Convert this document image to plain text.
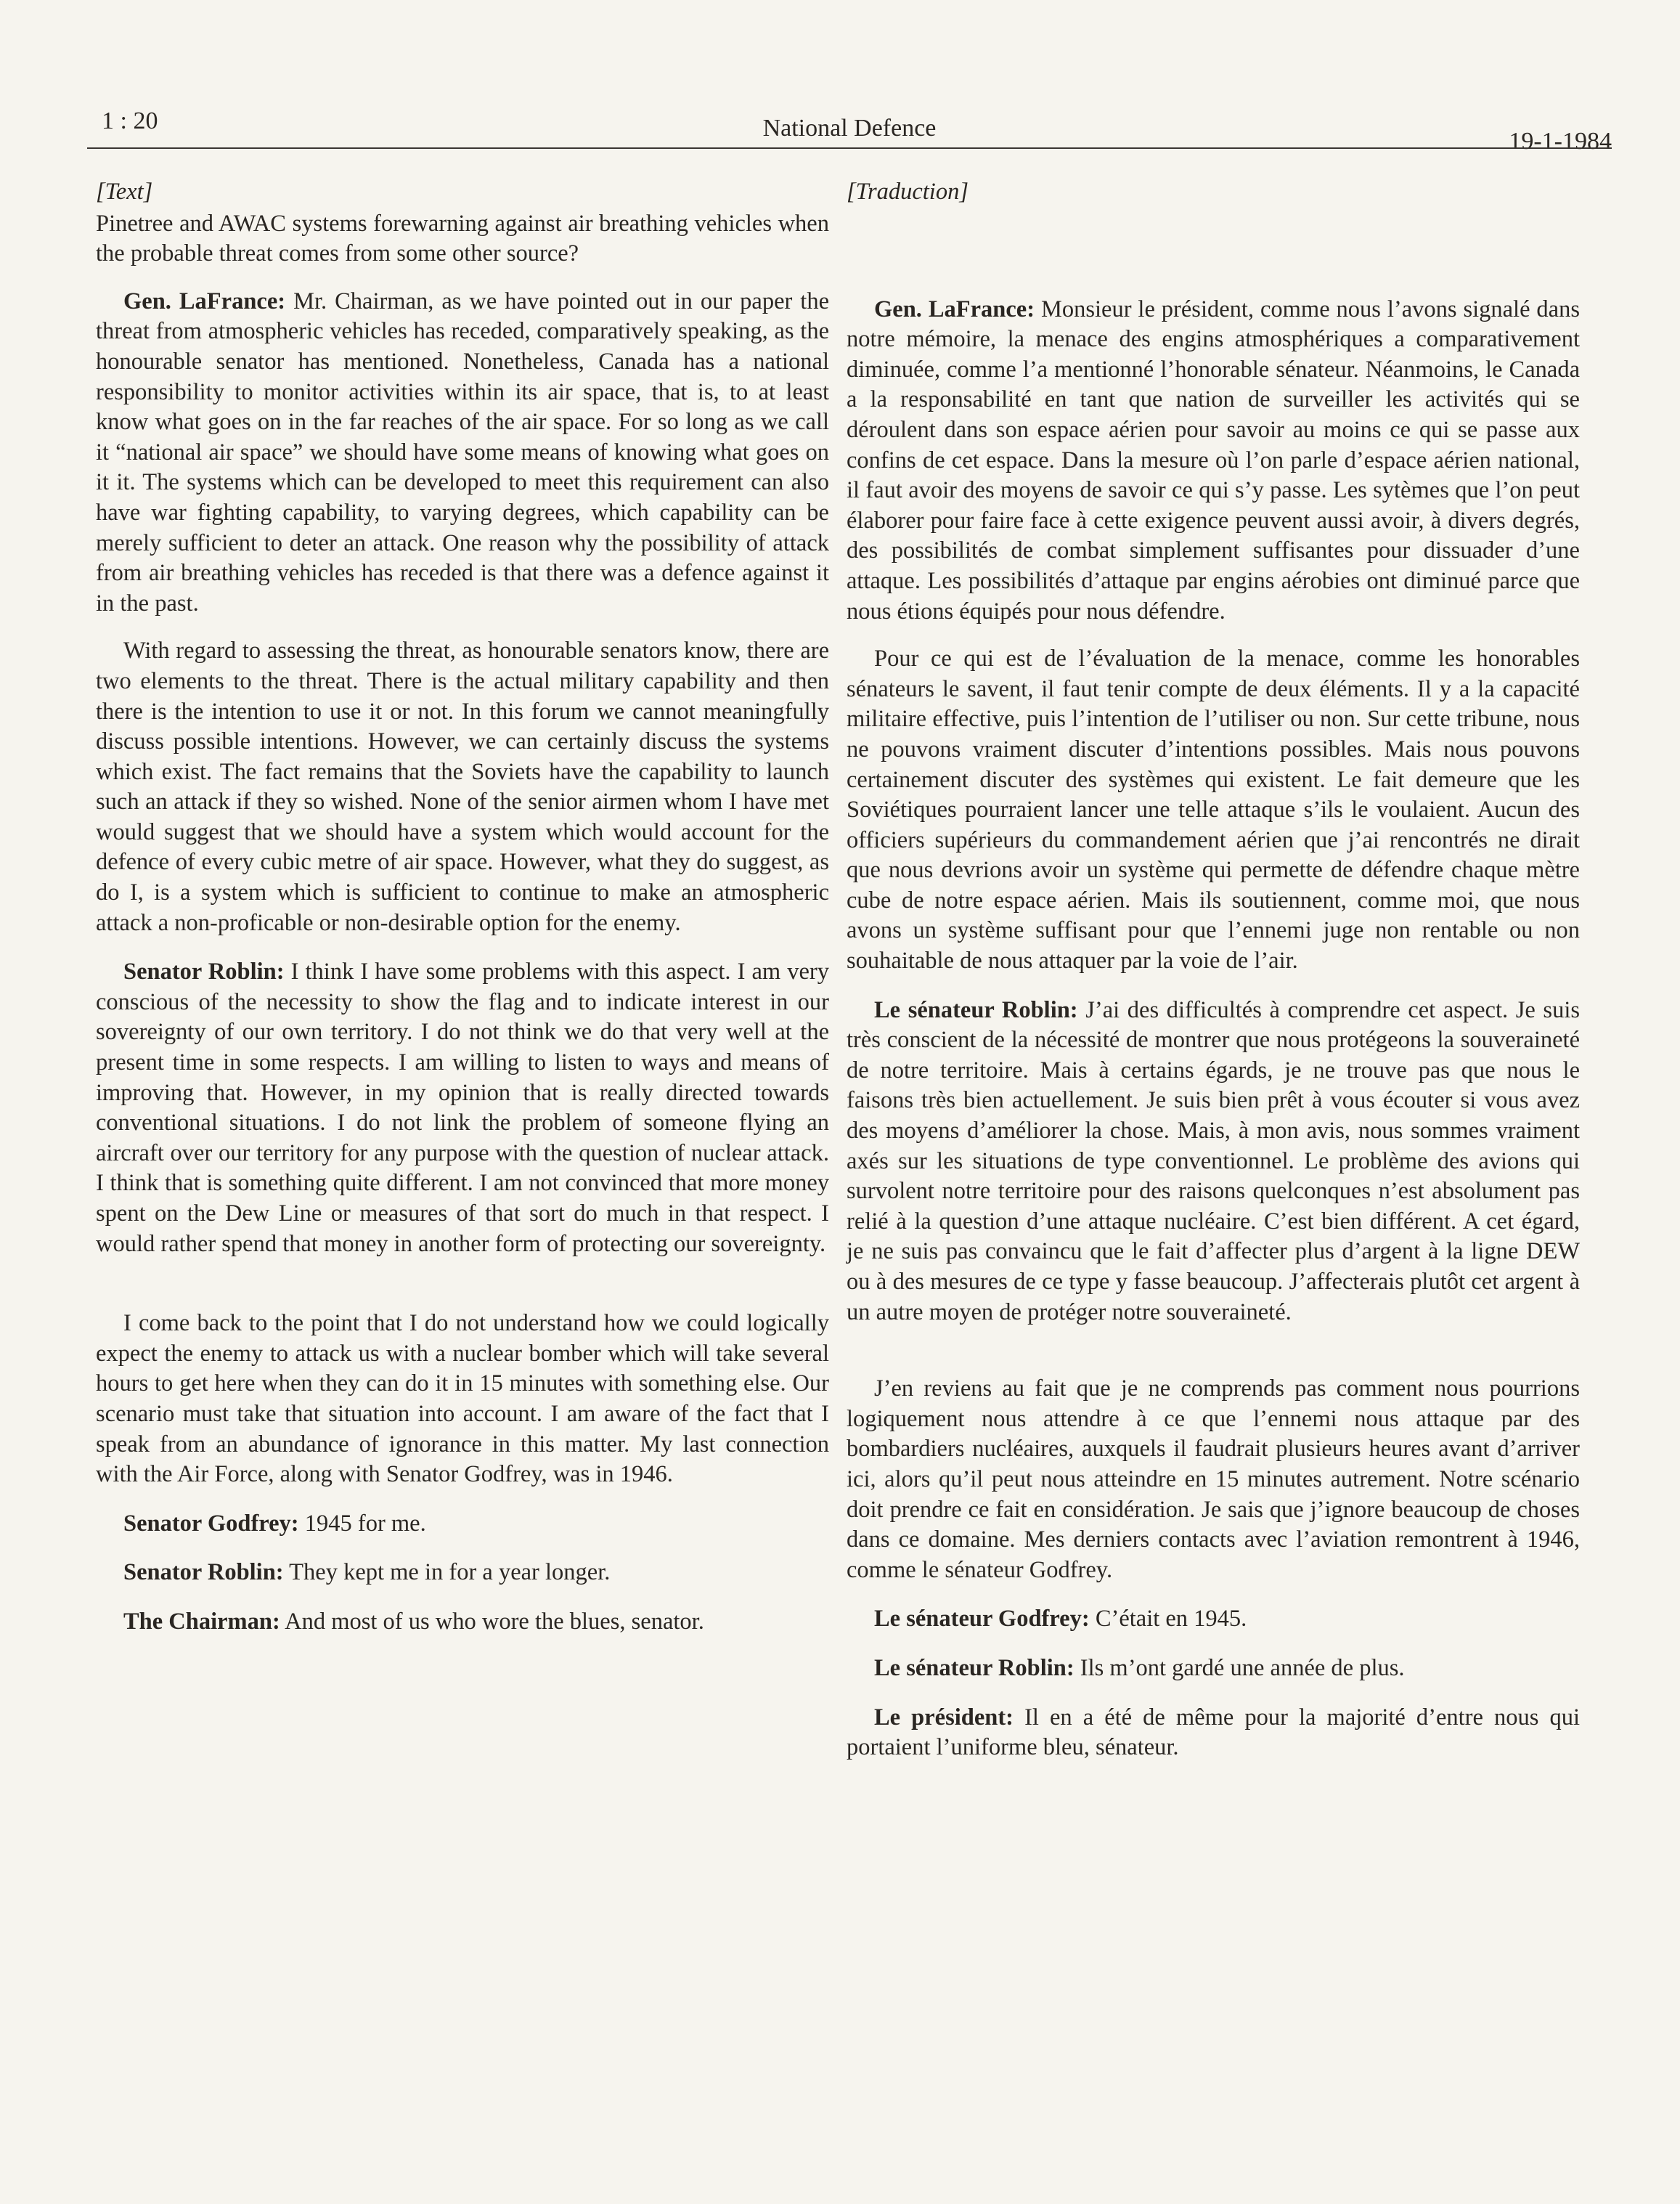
1 : 20	National Defence	19-1-1984

[Text]

Pinetree and AWAC systems forewarning against air breathing vehicles when the probable threat comes from some other source?

Gen. LaFrance: Mr. Chairman, as we have pointed out in our paper the threat from atmospheric vehicles has receded, comparatively speaking, as the honourable senator has mentioned. Nonetheless, Canada has a national responsibility to monitor activities within its air space, that is, to at least know what goes on in the far reaches of the air space. For so long as we call it “national air space” we should have some means of knowing what goes on it it. The systems which can be developed to meet this requirement can also have war fighting capability, to varying degrees, which capability can be merely sufficient to deter an attack. One reason why the possibility of attack from air breathing vehicles has receded is that there was a defence against it in the past.

With regard to assessing the threat, as honourable senators know, there are two elements to the threat. There is the actual military capability and then there is the intention to use it or not. In this forum we cannot meaningfully discuss possible intentions. However, we can certainly discuss the systems which exist. The fact remains that the Soviets have the capability to launch such an attack if they so wished. None of the senior airmen whom I have met would suggest that we should have a system which would account for the defence of every cubic metre of air space. However, what they do suggest, as do I, is a system which is sufficient to continue to make an atmospheric attack a non-proficable or non-desirable option for the enemy.

Senator Roblin: I think I have some problems with this aspect. I am very conscious of the necessity to show the flag and to indicate interest in our sovereignty of our own territory. I do not think we do that very well at the present time in some respects. I am willing to listen to ways and means of improving that. However, in my opinion that is really directed towards conventional situations. I do not link the problem of someone flying an aircraft over our territory for any purpose with the question of nuclear attack. I think that is something quite different. I am not convinced that more money spent on the Dew Line or measures of that sort do much in that respect. I would rather spend that money in another form of protecting our sovereignty.

I come back to the point that I do not understand how we could logically expect the enemy to attack us with a nuclear bomber which will take several hours to get here when they can do it in 15 minutes with something else. Our scenario must take that situation into account. I am aware of the fact that I speak from an abundance of ignorance in this matter. My last connection with the Air Force, along with Senator Godfrey, was in 1946.

Senator Godfrey: 1945 for me.

Senator Roblin: They kept me in for a year longer.

The Chairman: And most of us who wore the blues, senator.

[Traduction]

Gen. LaFrance: Monsieur le président, comme nous l’avons signalé dans notre mémoire, la menace des engins atmosphériques a comparativement diminuée, comme l’a mentionné l’honorable sénateur. Néanmoins, le Canada a la responsabilité en tant que nation de surveiller les activités qui se déroulent dans son espace aérien pour savoir au moins ce qui se passe aux confins de cet espace. Dans la mesure où l’on parle d’espace aérien national, il faut avoir des moyens de savoir ce qui s’y passe. Les sytèmes que l’on peut élaborer pour faire face à cette exigence peuvent aussi avoir, à divers degrés, des possibilités de combat simplement suffisantes pour dissuader d’une attaque. Les possibilités d’attaque par engins aérobies ont diminué parce que nous étions équipés pour nous défendre.

Pour ce qui est de l’évaluation de la menace, comme les honorables sénateurs le savent, il faut tenir compte de deux éléments. Il y a la capacité militaire effective, puis l’intention de l’utiliser ou non. Sur cette tribune, nous ne pouvons vraiment discuter d’intentions possibles. Mais nous pouvons certainement discuter des systèmes qui existent. Le fait demeure que les Soviétiques pourraient lancer une telle attaque s’ils le voulaient. Aucun des officiers supérieurs du commandement aérien que j’ai rencontrés ne dirait que nous devrions avoir un système qui permette de défendre chaque mètre cube de notre espace aérien. Mais ils soutiennent, comme moi, que nous avons un système suffisant pour que l’ennemi juge non rentable ou non souhaitable de nous attaquer par la voie de l’air.

Le sénateur Roblin: J’ai des difficultés à comprendre cet aspect. Je suis très conscient de la nécessité de montrer que nous protégeons la souveraineté de notre territoire. Mais à certains égards, je ne trouve pas que nous le faisons très bien actuellement. Je suis bien prêt à vous écouter si vous avez des moyens d’améliorer la chose. Mais, à mon avis, nous sommes vraiment axés sur les situations de type conventionnel. Le problème des avions qui survolent notre territoire pour des raisons quelconques n’est absolument pas relié à la question d’une attaque nucléaire. C’est bien différent. A cet égard, je ne suis pas convaincu que le fait d’affecter plus d’argent à la ligne DEW ou à des mesures de ce type y fasse beaucoup. J’affecterais plutôt cet argent à un autre moyen de protéger notre souveraineté.

J’en reviens au fait que je ne comprends pas comment nous pourrions logiquement nous attendre à ce que l’ennemi nous attaque par des bombardiers nucléaires, auxquels il faudrait plusieurs heures avant d’arriver ici, alors qu’il peut nous atteindre en 15 minutes autrement. Notre scénario doit prendre ce fait en considération. Je sais que j’ignore beaucoup de choses dans ce domaine. Mes derniers contacts avec l’aviation remontrent à 1946, comme le sénateur Godfrey.

Le sénateur Godfrey: C’était en 1945.

Le sénateur Roblin: Ils m’ont gardé une année de plus.

Le président: Il en a été de même pour la majorité d’entre nous qui portaient l’uniforme bleu, sénateur.
